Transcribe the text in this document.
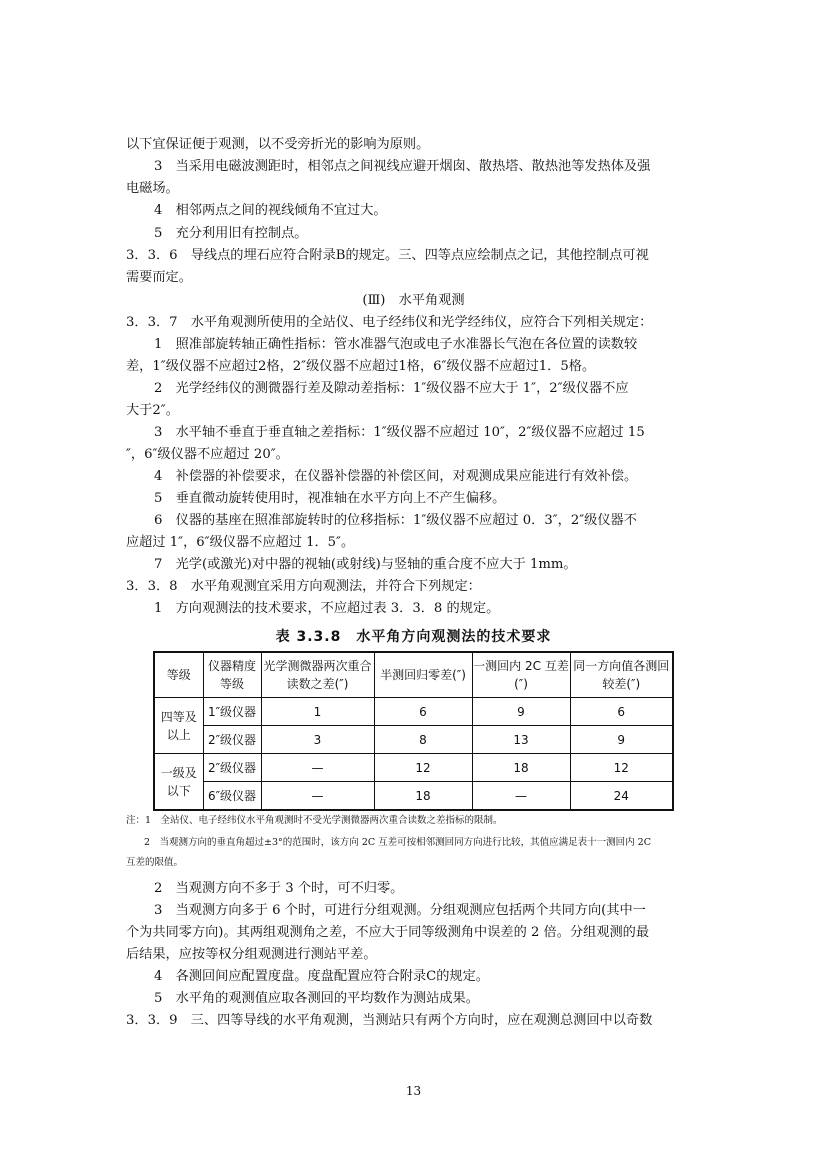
以下宜保证便于观测，以不受旁折光的影响为原则。
3　当采用电磁波测距时，相邻点之间视线应避开烟囱、散热塔、散热池等发热体及强
电磁场。
4　相邻两点之间的视线倾角不宜过大。
5　充分利用旧有控制点。
3．3．6　导线点的埋石应符合附录B的规定。三、四等点应绘制点之记，其他控制点可视
需要而定。
(Ⅲ)　水平角观测
3．3．7　水平角观测所使用的全站仪、电子经纬仪和光学经纬仪，应符合下列相关规定：
1　照准部旋转轴正确性指标：管水准器气泡或电子水准器长气泡在各位置的读数较
差，1″级仪器不应超过2格，2″级仪器不应超过1格，6″级仪器不应超过1．5格。
2　光学经纬仪的测微器行差及隙动差指标：1″级仪器不应大于 1″，2″级仪器不应
大于2″。
3　水平轴不垂直于垂直轴之差指标：1″级仪器不应超过 10″，2″级仪器不应超过 15
″，6″级仪器不应超过 20″。
4　补偿器的补偿要求，在仪器补偿器的补偿区间，对观测成果应能进行有效补偿。
5　垂直微动旋转使用时，视准轴在水平方向上不产生偏移。
6　仪器的基座在照准部旋转时的位移指标：1″级仪器不应超过 0．3″，2″级仪器不
应超过 1″，6″级仪器不应超过 1．5″。
7　光学(或激光)对中器的视轴(或射线)与竖轴的重合度不应大于 1mm。
3．3．8　水平角观测宜采用方向观测法，并符合下列规定：
1　方向观测法的技术要求，不应超过表 3．3．8 的规定。
表 3.3.8　水平角方向观测法的技术要求
等级	仪器精度等级	光学测微器两次重合读数之差(″)	半测回归零差(″)	一测回内 2C 互差(″)	同一方向值各测回较差(″)
四等及以上	1″级仪器	1	6	9	6
	2″级仪器	3	8	13	9
一级及以下	2″级仪器	—	12	18	12
	6″级仪器	—	18	—	24
注：1　全站仪、电子经纬仪水平角观测时不受光学测微器两次重合读数之差指标的限制。
2　当观测方向的垂直角超过±3°的范围时，该方向 2C 互差可按相邻测回同方向进行比较，其值应满足表十一测回内 2C
互差的限值。
2　当观测方向不多于 3 个时，可不归零。
3　当观测方向多于 6 个时，可进行分组观测。分组观测应包括两个共同方向(其中一
个为共同零方向)。其两组观测角之差，不应大于同等级测角中误差的 2 倍。分组观测的最
后结果，应按等权分组观测进行测站平差。
4　各测回间应配置度盘。度盘配置应符合附录C的规定。
5　水平角的观测值应取各测回的平均数作为测站成果。
3．3．9　三、四等导线的水平角观测，当测站只有两个方向时，应在观测总测回中以奇数
13
